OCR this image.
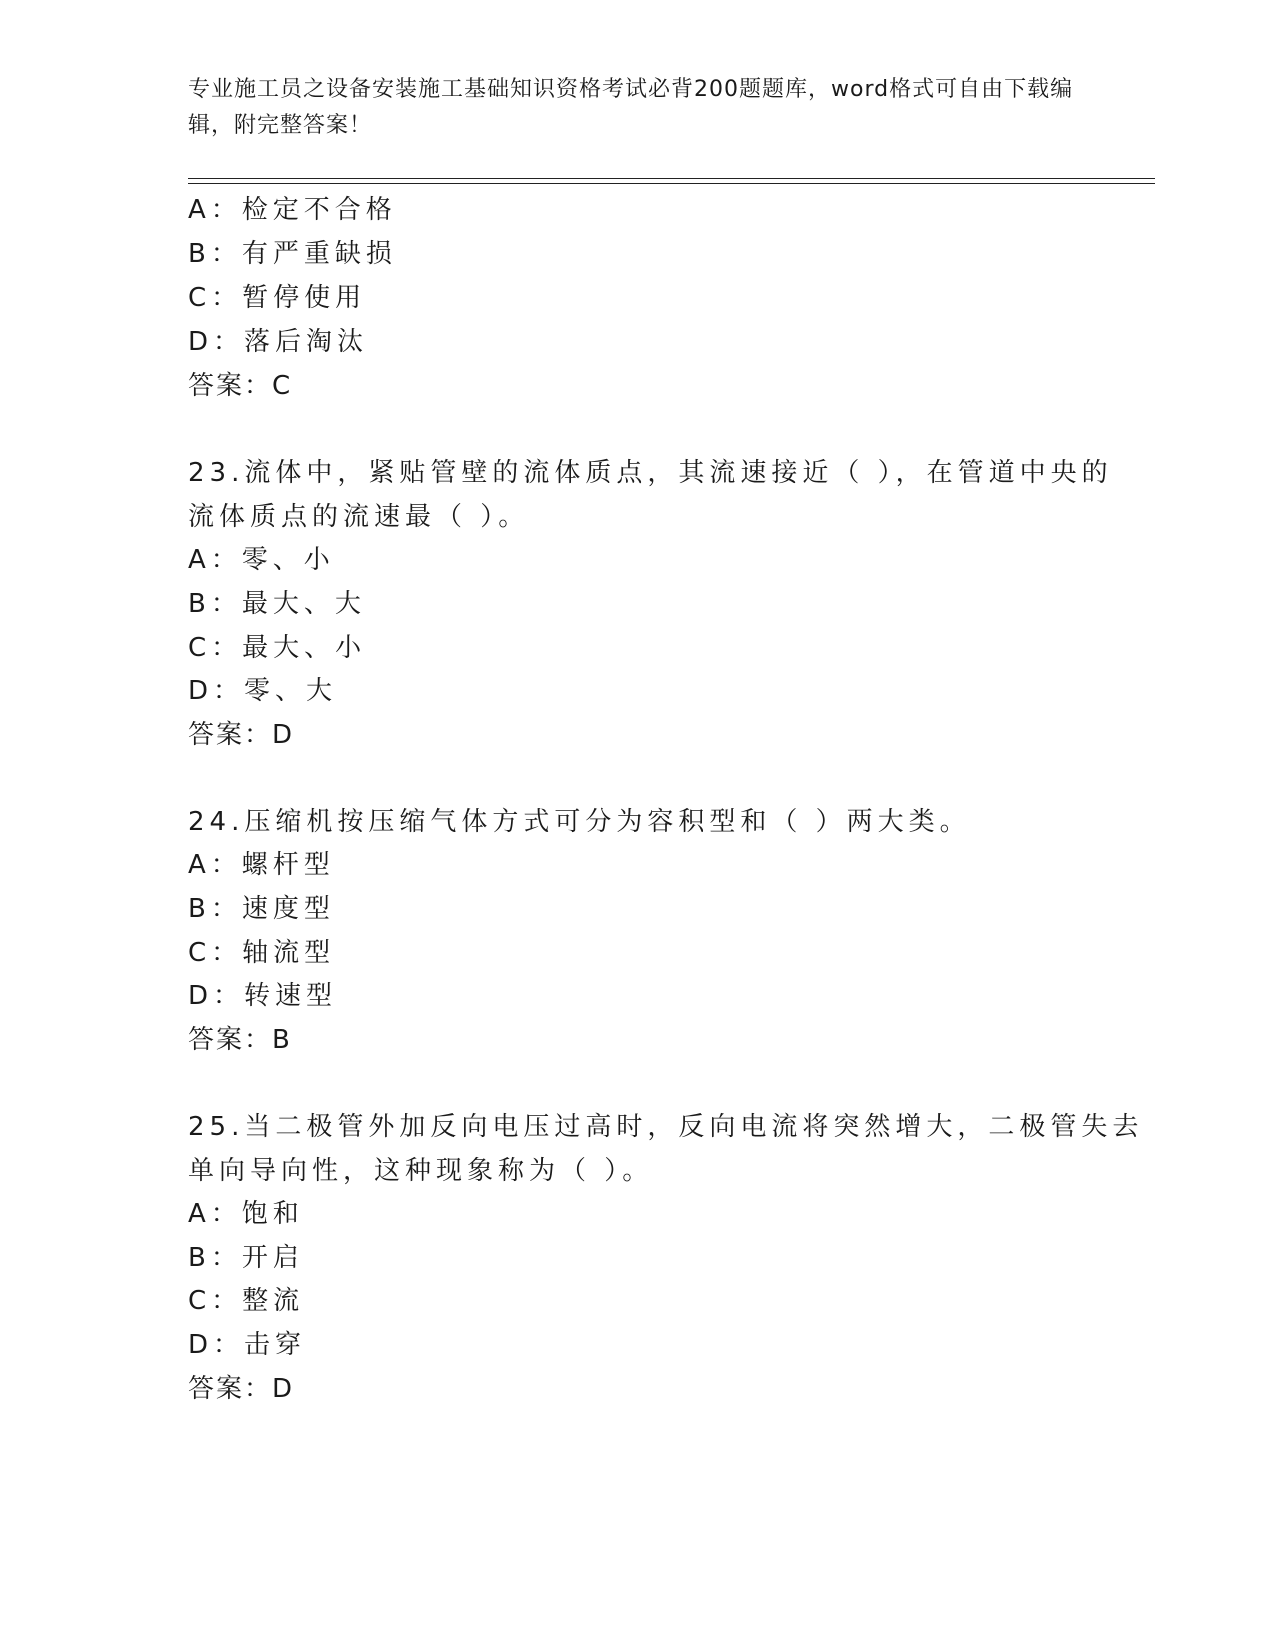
专业施工员之设备安装施工基础知识资格考试必背200题题库，word格式可自由下载编辑，附完整答案！
A：检定不合格
B：有严重缺损
C：暂停使用
D：落后淘汰
答案：C
23.流体中，紧贴管壁的流体质点，其流速接近（ ），在管道中央的
流体质点的流速最（ ）。
A：零、小
B：最大、大
C：最大、小
D：零、大
答案：D
24.压缩机按压缩气体方式可分为容积型和（ ）两大类。
A：螺杆型
B：速度型
C：轴流型
D：转速型
答案：B
25.当二极管外加反向电压过高时，反向电流将突然增大，二极管失去
单向导向性，这种现象称为（ ）。
A：饱和
B：开启
C：整流
D：击穿
答案：D
